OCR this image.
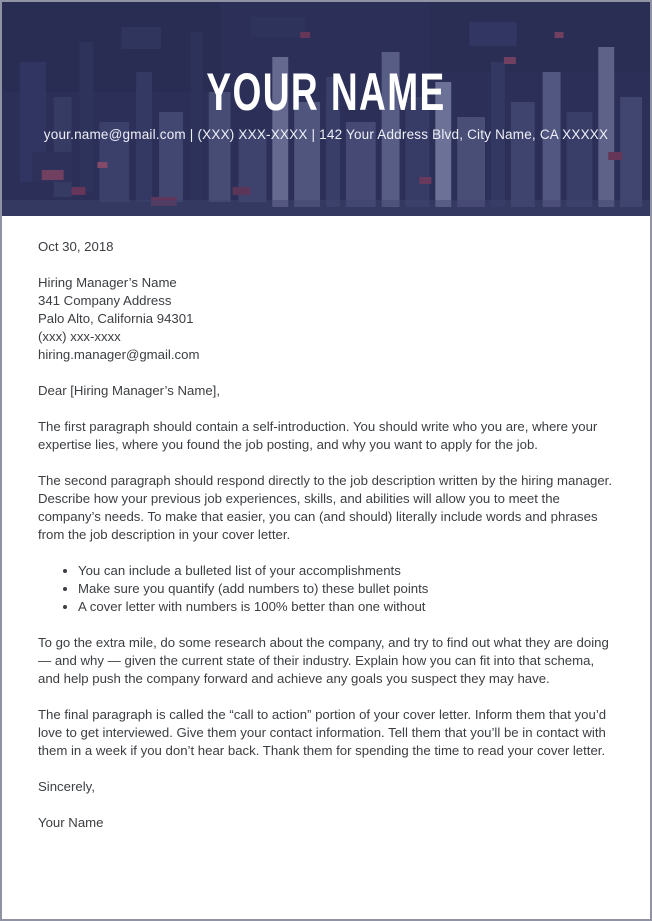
YOUR NAME
your.name@gmail.com | (XXX) XXX-XXXX | 142 Your Address Blvd, City Name, CA XXXXX

Oct 30, 2018

Hiring Manager’s Name
341 Company Address
Palo Alto, California 94301
(xxx) xxx-xxxx
hiring.manager@gmail.com

Dear [Hiring Manager’s Name],

The first paragraph should contain a self-introduction. You should write who you are, where your expertise lies, where you found the job posting, and why you want to apply for the job.

The second paragraph should respond directly to the job description written by the hiring manager. Describe how your previous job experiences, skills, and abilities will allow you to meet the company’s needs. To make that easier, you can (and should) literally include words and phrases from the job description in your cover letter.

• You can include a bulleted list of your accomplishments
• Make sure you quantify (add numbers to) these bullet points
• A cover letter with numbers is 100% better than one without

To go the extra mile, do some research about the company, and try to find out what they are doing — and why — given the current state of their industry. Explain how you can fit into that schema, and help push the company forward and achieve any goals you suspect they may have.

The final paragraph is called the “call to action” portion of your cover letter. Inform them that you’d love to get interviewed. Give them your contact information. Tell them that you’ll be in contact with them in a week if you don’t hear back. Thank them for spending the time to read your cover letter.

Sincerely,

Your Name
